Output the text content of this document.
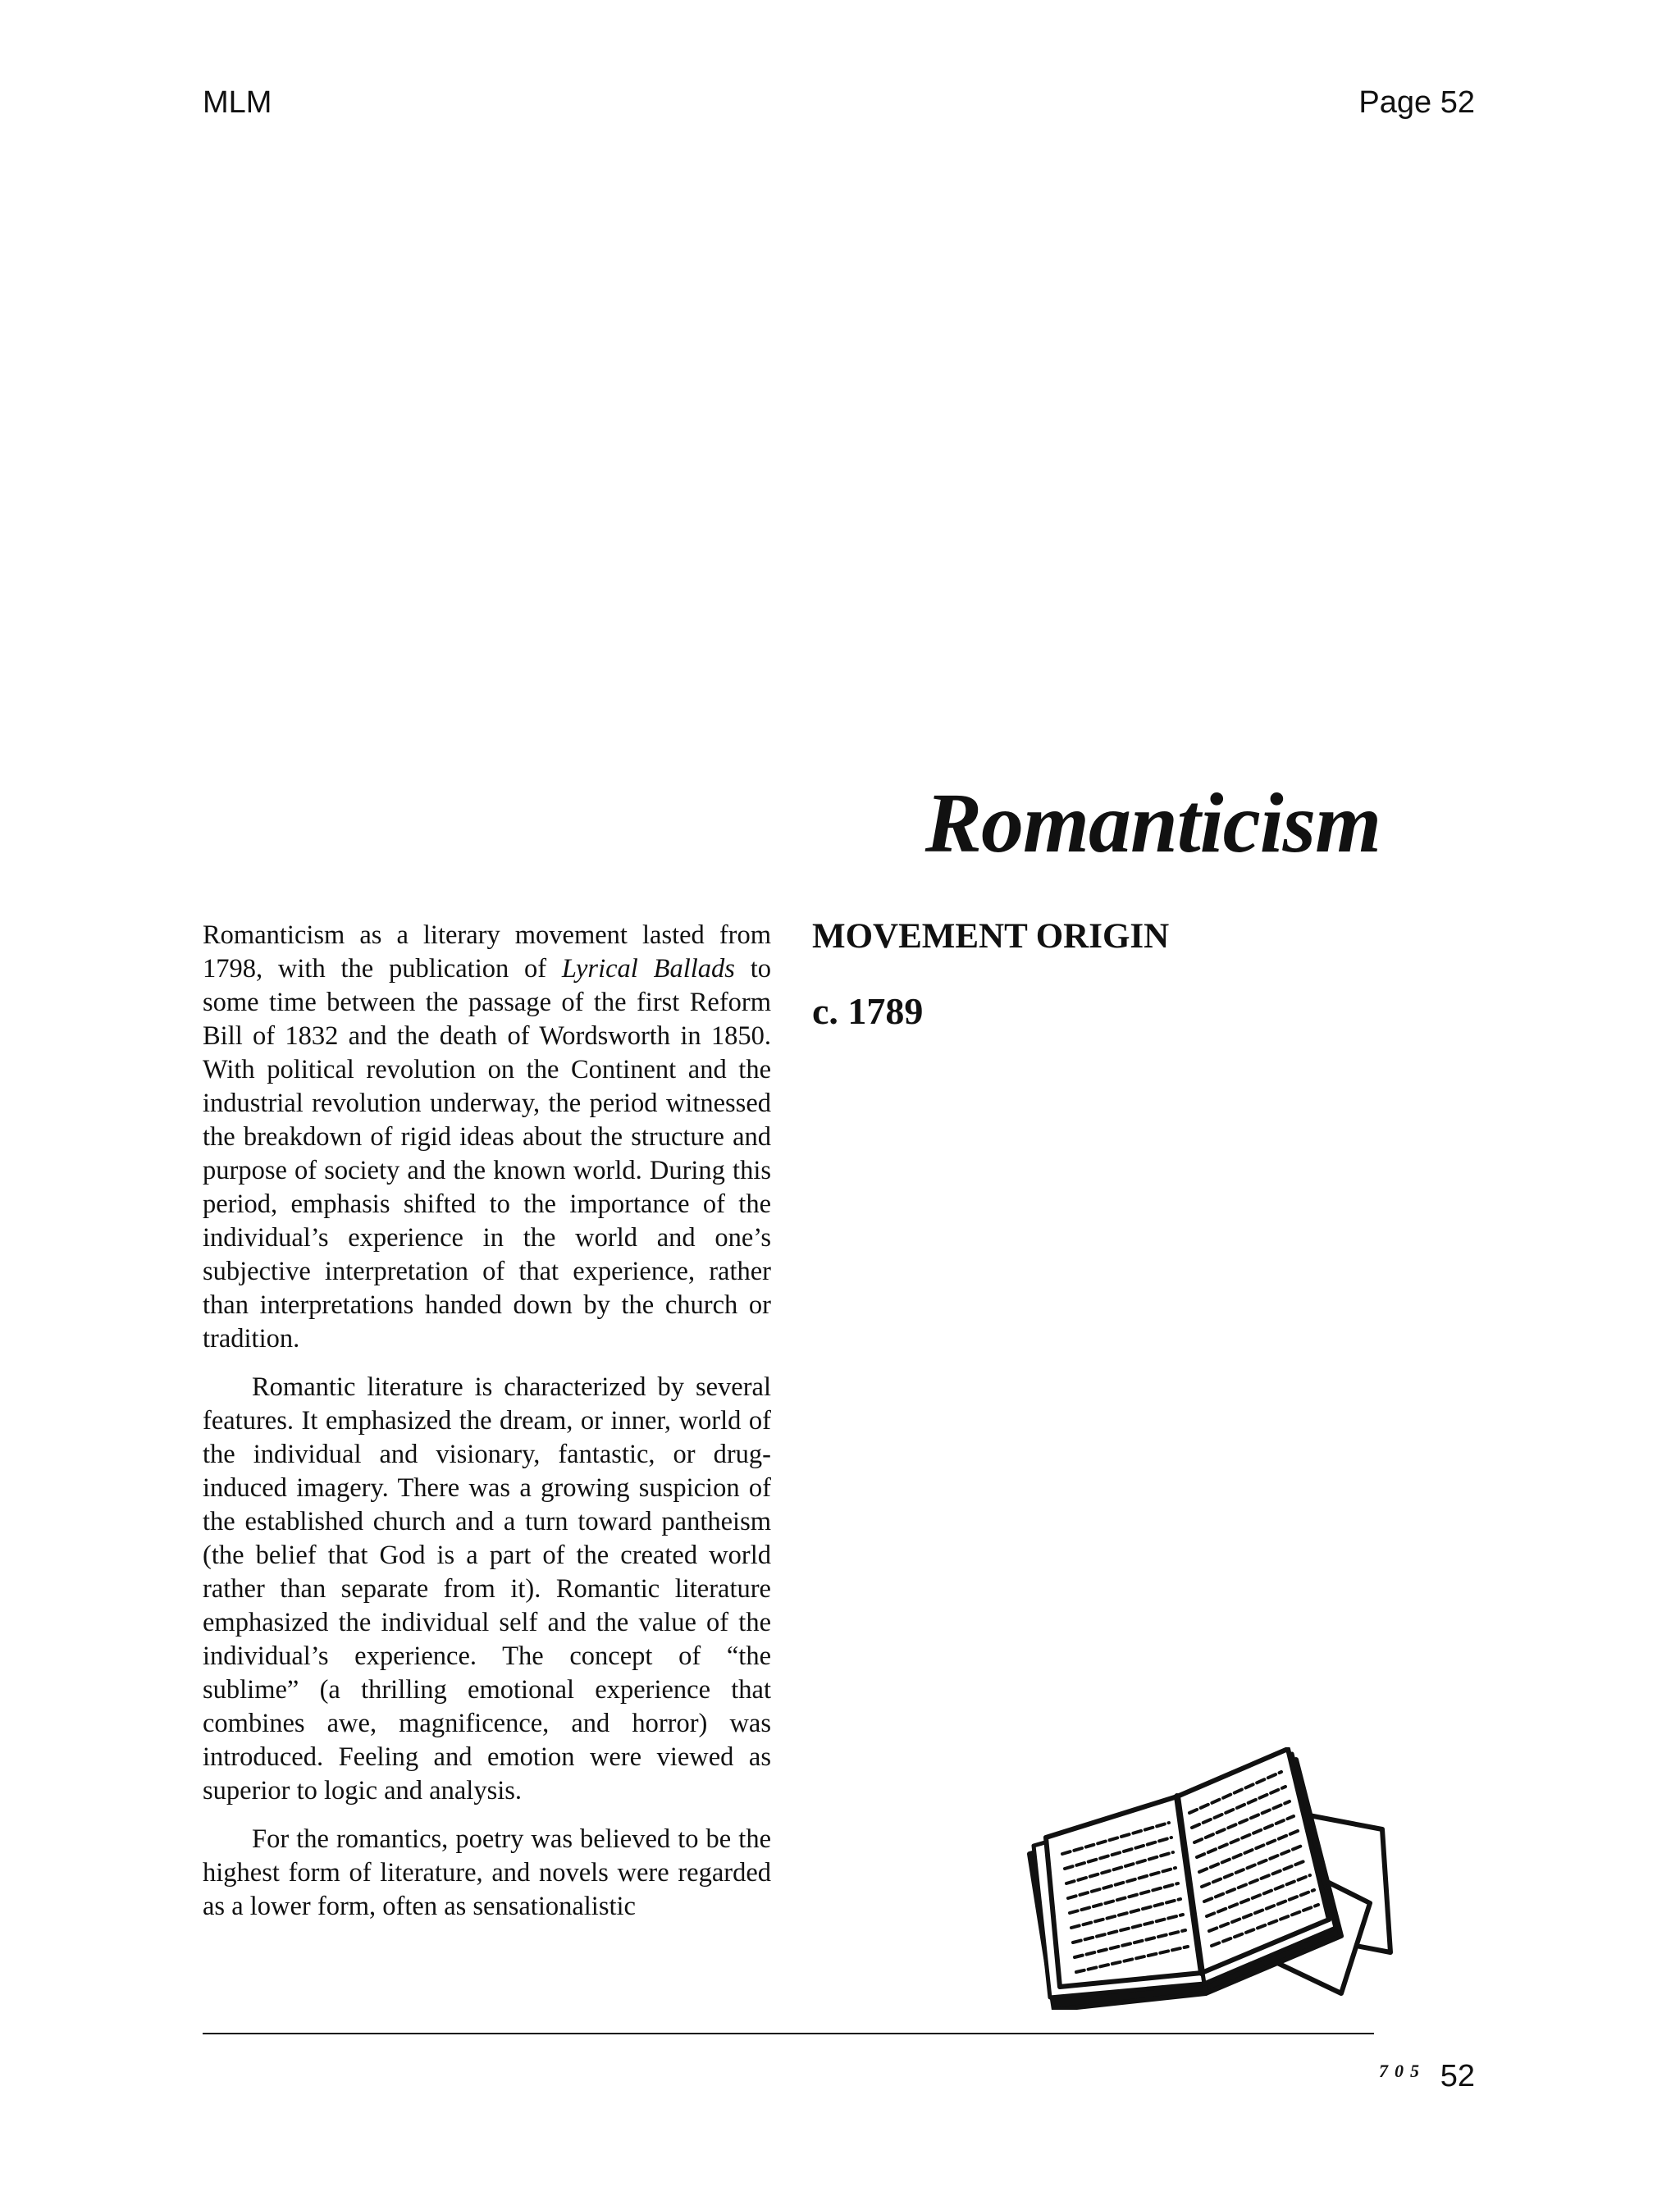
MLM	Page 52
Romanticism

Romanticism as a literary movement lasted from 1798, with the publication of Lyrical Ballads to some time between the passage of the first Reform Bill of 1832 and the death of Wordsworth in 1850. With political revolution on the Continent and the industrial revolution underway, the period witnessed the breakdown of rigid ideas about the structure and purpose of society and the known world. During this period, emphasis shifted to the importance of the individual’s experience in the world and one’s subjective interpretation of that experience, rather than interpretations handed down by the church or tradition.

Romantic literature is characterized by several features. It emphasized the dream, or inner, world of the individual and visionary, fantastic, or drug-induced imagery. There was a growing suspicion of the established church and a turn toward pantheism (the belief that God is a part of the created world rather than separate from it). Romantic literature emphasized the individual self and the value of the individual’s experience. The concept of “the sublime” (a thrilling emotional experience that combines awe, magnificence, and horror) was introduced. Feeling and emotion were viewed as superior to logic and analysis.

For the romantics, poetry was believed to be the highest form of literature, and novels were regarded as a lower form, often as sensationalistic

MOVEMENT ORIGIN
c. 1789
705 52
